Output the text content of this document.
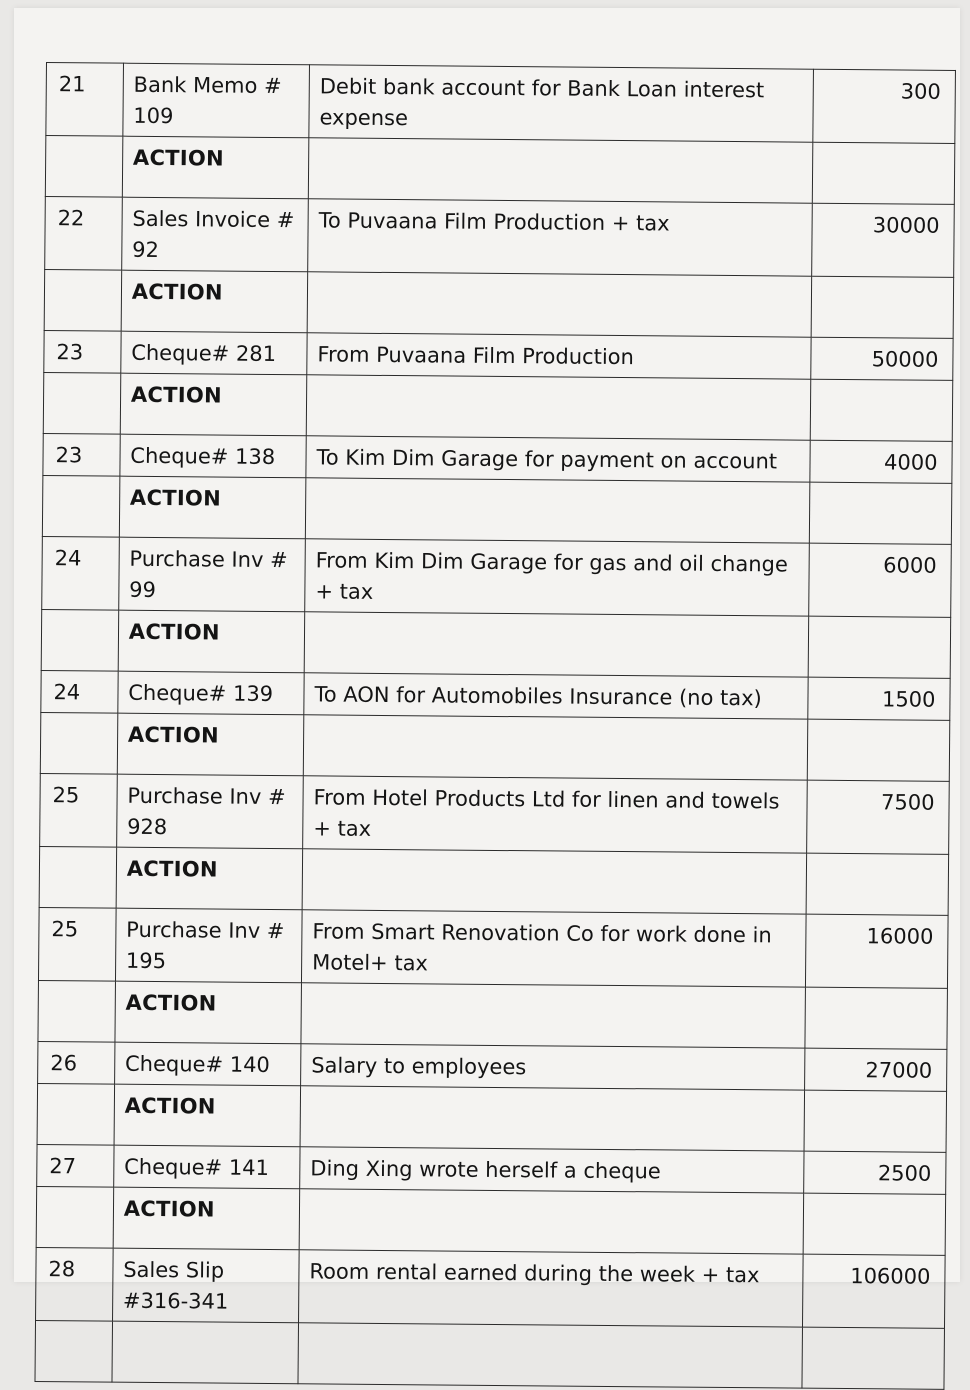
21	Bank Memo # 109	Debit bank account for Bank Loan interest expense	300
	ACTION		
22	Sales Invoice # 92	To Puvaana Film Production + tax	30000
	ACTION		
23	Cheque# 281	From Puvaana Film Production	50000
	ACTION		
23	Cheque# 138	To Kim Dim Garage for payment on account	4000
	ACTION		
24	Purchase Inv # 99	From Kim Dim Garage for gas and oil change + tax	6000
	ACTION		
24	Cheque# 139	To AON for Automobiles Insurance (no tax)	1500
	ACTION		
25	Purchase Inv # 928	From Hotel Products Ltd for linen and towels + tax	7500
	ACTION		
25	Purchase Inv # 195	From Smart Renovation Co for work done in Motel+ tax	16000
	ACTION		
26	Cheque# 140	Salary to employees	27000
	ACTION		
27	Cheque# 141	Ding Xing wrote herself a cheque	2500
	ACTION		
28	Sales Slip #316-341	Room rental earned during the week + tax	106000
